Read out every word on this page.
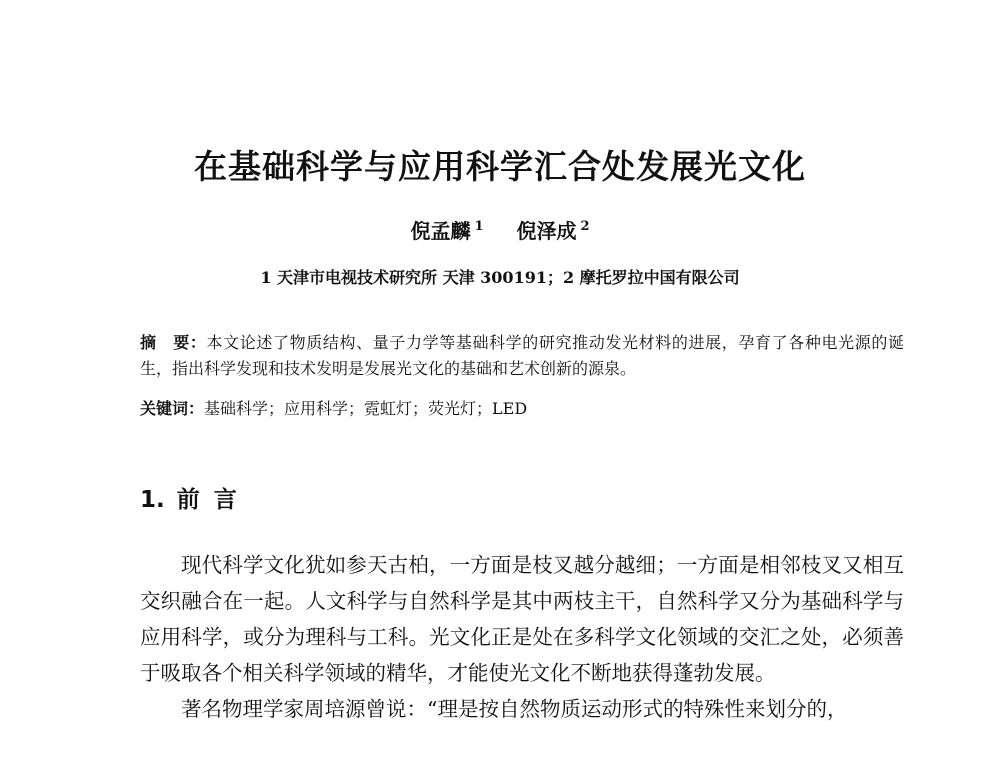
在基础科学与应用科学汇合处发展光文化
倪孟麟 $^1$ 倪泽成 $^2$
1 天津市电视技术研究所 天津 300191；2 摩托罗拉中国有限公司
摘　要：本文论述了物质结构、量子力学等基础科学的研究推动发光材料的进展，孕育了各种电光源的诞生，指出科学发现和技术发明是发展光文化的基础和艺术创新的源泉。
关键词：基础科学；应用科学；霓虹灯；荧光灯；LED
1. 前言

现代科学文化犹如参天古柏，一方面是枝叉越分越细；一方面是相邻枝叉又相互交织融合在一起。人文科学与自然科学是其中两枝主干，自然科学又分为基础科学与应用科学，或分为理科与工科。光文化正是处在多科学文化领域的交汇之处，必须善于吸取各个相关科学领域的精华，才能使光文化不断地获得蓬勃发展。

著名物理学家周培源曾说：“理是按自然物质运动形式的特殊性来划分的，
